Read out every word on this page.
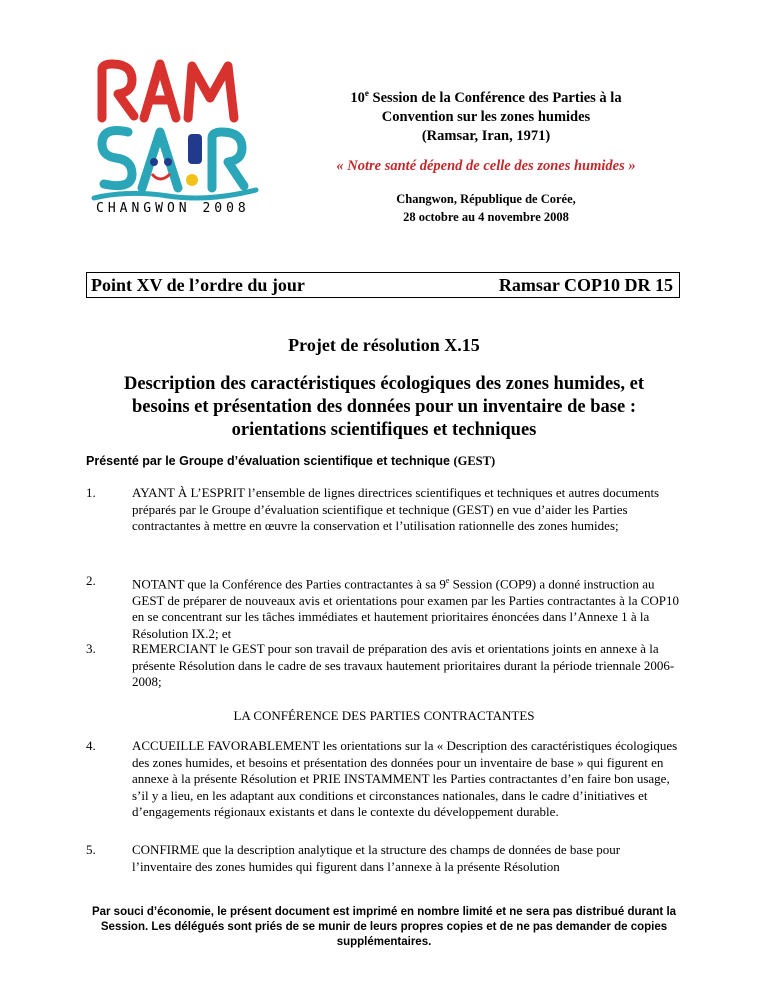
CHANGWON 2008
10e Session de la Conférence des Parties à la
Convention sur les zones humides
(Ramsar, Iran, 1971)
« Notre santé dépend de celle des zones humides »
Changwon, République de Corée,
28 octobre au 4 novembre 2008
Point XV de l’ordre du jour	Ramsar COP10 DR 15
Projet de résolution X.15
Description des caractéristiques écologiques des zones humides, et besoins et présentation des données pour un inventaire de base : orientations scientifiques et techniques
Présenté par le Groupe d’évaluation scientifique et technique (GEST)
1.	AYANT À L’ESPRIT l’ensemble de lignes directrices scientifiques et techniques et autres documents préparés par le Groupe d’évaluation scientifique et technique (GEST) en vue d’aider les Parties contractantes à mettre en œuvre la conservation et l’utilisation rationnelle des zones humides;
2.	NOTANT que la Conférence des Parties contractantes à sa 9e Session (COP9) a donné instruction au GEST de préparer de nouveaux avis et orientations pour examen par les Parties contractantes à la COP10 en se concentrant sur les tâches immédiates et hautement prioritaires énoncées dans l’Annexe 1 à la Résolution IX.2; et
3.	REMERCIANT le GEST pour son travail de préparation des avis et orientations joints en annexe à la présente Résolution dans le cadre de ses travaux hautement prioritaires durant la période triennale 2006-2008;
LA CONFÉRENCE DES PARTIES CONTRACTANTES
4.	ACCUEILLE FAVORABLEMENT les orientations sur la « Description des caractéristiques écologiques des zones humides, et besoins et présentation des données pour un inventaire de base » qui figurent en annexe à la présente Résolution et PRIE INSTAMMENT les Parties contractantes d’en faire bon usage, s’il y a lieu, en les adaptant aux conditions et circonstances nationales, dans le cadre d’initiatives et d’engagements régionaux existants et dans le contexte du développement durable.
5.	CONFIRME que la description analytique et la structure des champs de données de base pour l’inventaire des zones humides qui figurent dans l’annexe à la présente Résolution
Par souci d’économie, le présent document est imprimé en nombre limité et ne sera pas distribué durant la Session. Les délégués sont priés de se munir de leurs propres copies et de ne pas demander de copies supplémentaires.
